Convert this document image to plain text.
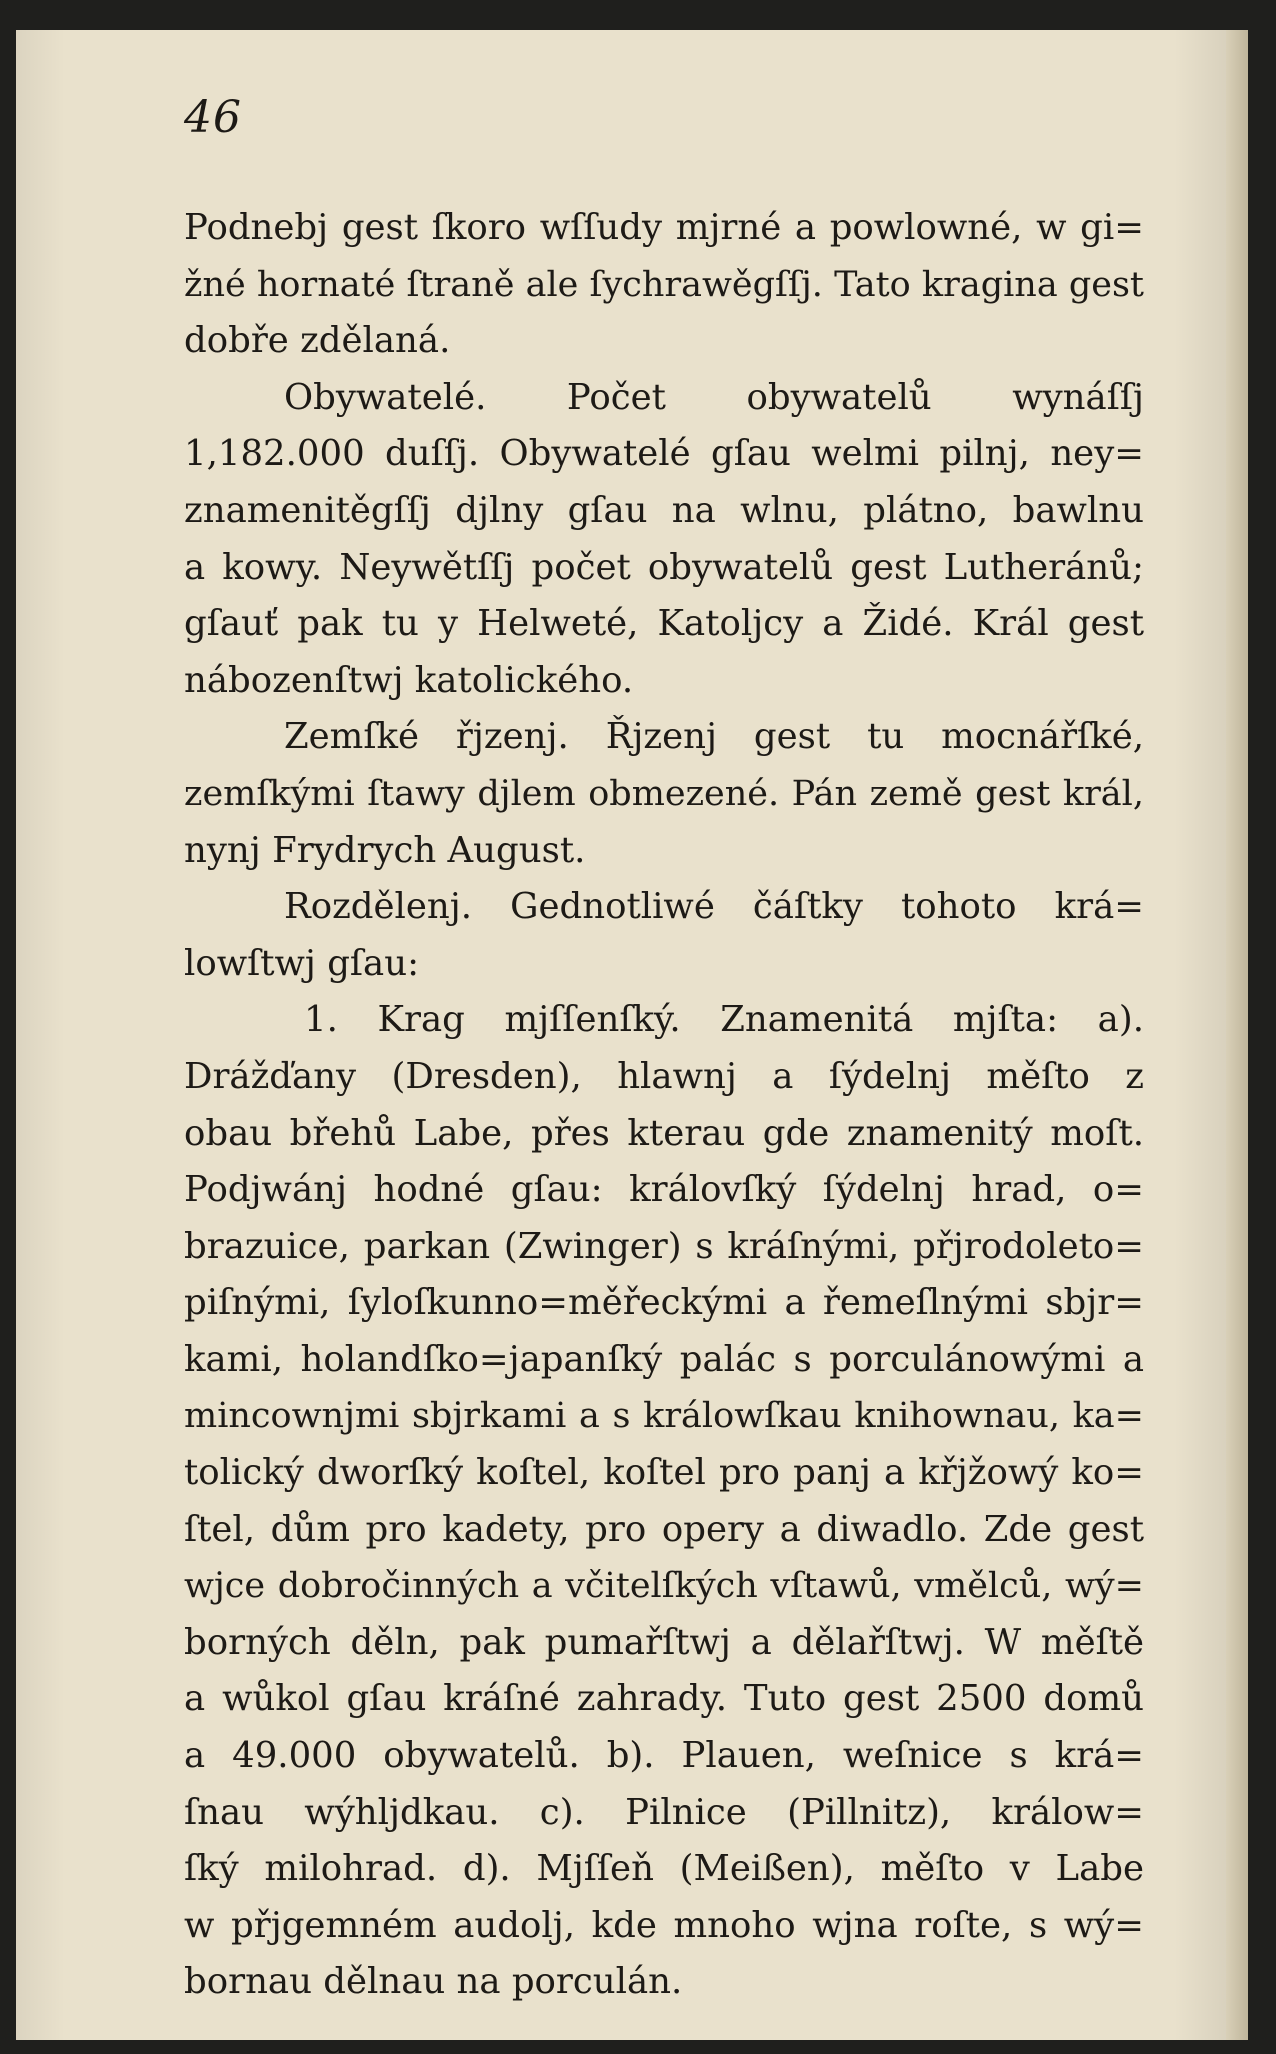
46
Podnebj gest ſkoro wſſudy mjrné a powlowné, w gi=
žné hornaté ſtraně ale ſychrawěgſſj. Tato kragina gest
dobře zdělaná.
Obywatelé. Počet obywatelů wynáſſj
1,182.000 duſſj. Obywatelé gſau welmi pilnj, ney=
znamenitěgſſj djlny gſau na wlnu, plátno, bawlnu
a kowy. Neywětſſj počet obywatelů gest Lutheránů;
gſauť pak tu y Helweté, Katoljcy a Židé. Král gest
nábozenſtwj katolického.
Zemſké řjzenj. Řjzenj gest tu mocnářſké,
zemſkými ſtawy djlem obmezené. Pán země gest král,
nynj Frydrych August.
Rozdělenj. Gednotliwé čáſtky tohoto krá=
lowſtwj gſau:
1. Krag mjſſenſký. Znamenitá mjſta: a).
Drážďany (Dresden), hlawnj a ſýdelnj měſto z
obau břehů Labe, přes kterau gde znamenitý moſt.
Podjwánj hodné gſau: královſký ſýdelnj hrad, o=
brazuice, parkan (Zwinger) s kráſnými, přjrodoleto=
piſnými, ſyloſkunno=měřeckými a řemeſlnými sbjr=
kami, holandſko=japanſký palác s porculánowými a
mincownjmi sbjrkami a s králowſkau knihownau, ka=
tolický dworſký koſtel, koſtel pro panj a křjžowý ko=
ſtel, dům pro kadety, pro opery a diwadlo. Zde gest
wjce dobročinných a včitelſkých vſtawů, vmělců, wý=
borných děln, pak pumařſtwj a dělařſtwj. W měſtě
a wůkol gſau kráſné zahrady. Tuto gest 2500 domů
a 49.000 obywatelů. b). Plauen, weſnice s krá=
ſnau wýhljdkau. c). Pilnice (Pillnitz), králow=
ſký milohrad. d). Mjſſeň (Meißen), měſto v Labe
w přjgemném audolj, kde mnoho wjna roſte, s wý=
bornau dělnau na porculán.
